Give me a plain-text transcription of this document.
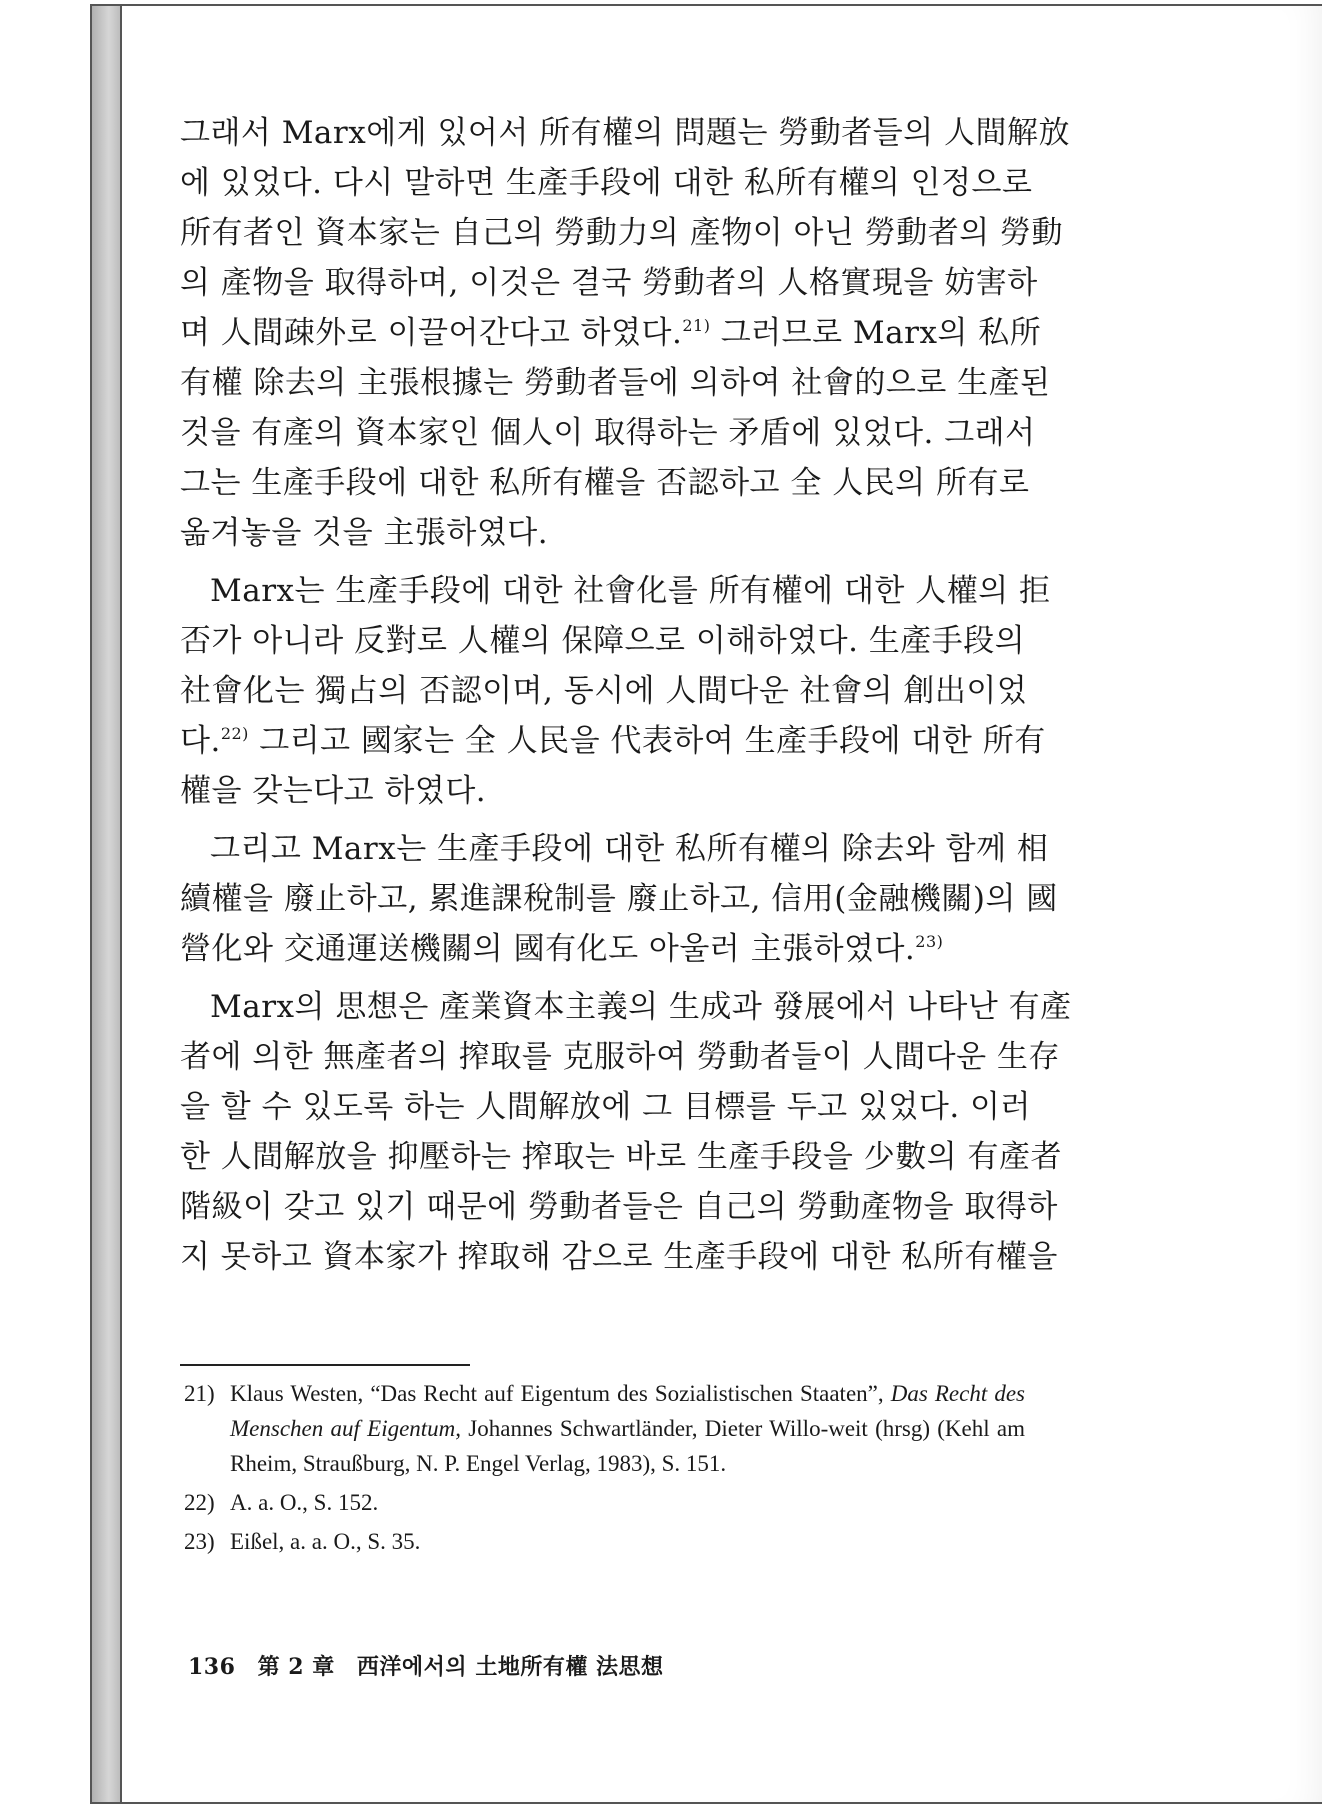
그래서 Marx에게 있어서 所有權의 問題는 勞動者들의 人間解放
에 있었다. 다시 말하면 生產手段에 대한 私所有權의 인정으로
所有者인 資本家는 自己의 勞動力의 產物이 아닌 勞動者의 勞動
의 產物을 取得하며, 이것은 결국 勞動者의 人格實現을 妨害하
며 人間疎外로 이끌어간다고 하였다.$^{21)}$ 그러므로 Marx의 私所
有權 除去의 主張根據는 勞動者들에 의하여 社會的으로 生產된
것을 有產의 資本家인 個人이 取得하는 矛盾에 있었다. 그래서
그는 生產手段에 대한 私所有權을 否認하고 全 人民의 所有로
옮겨놓을 것을 主張하였다.

Marx는 生產手段에 대한 社會化를 所有權에 대한 人權의 拒
否가 아니라 反對로 人權의 保障으로 이해하였다. 生產手段의
社會化는 獨占의 否認이며, 동시에 人間다운 社會의 創出이었
다.$^{22)}$ 그리고 國家는 全 人民을 代表하여 生產手段에 대한 所有
權을 갖는다고 하였다.

그리고 Marx는 生產手段에 대한 私所有權의 除去와 함께 相
續權을 廢止하고, 累進課稅制를 廢止하고, 信用(金融機關)의 國
營化와 交通運送機關의 國有化도 아울러 主張하였다.$^{23)}$

Marx의 思想은 產業資本主義의 生成과 發展에서 나타난 有產
者에 의한 無產者의 搾取를 克服하여 勞動者들이 人間다운 生存
을 할 수 있도록 하는 人間解放에 그 目標를 두고 있었다. 이러
한 人間解放을 抑壓하는 搾取는 바로 生產手段을 少數의 有產者
階級이 갖고 있기 때문에 勞動者들은 自己의 勞動產物을 取得하
지 못하고 資本家가 搾取해 감으로 生產手段에 대한 私所有權을

21) Klaus Westen, “Das Recht auf Eigentum des Sozialistischen Staaten”, Das Recht des Menschen auf Eigentum, Johannes Schwartländer, Dieter Willo-weit (hrsg) (Kehl am Rheim, Straußburg, N. P. Engel Verlag, 1983), S. 151.
22) A. a. O., S. 152.
23) Eißel, a. a. O., S. 35.
136 第 2 章 西洋에서의 土地所有權 法思想
